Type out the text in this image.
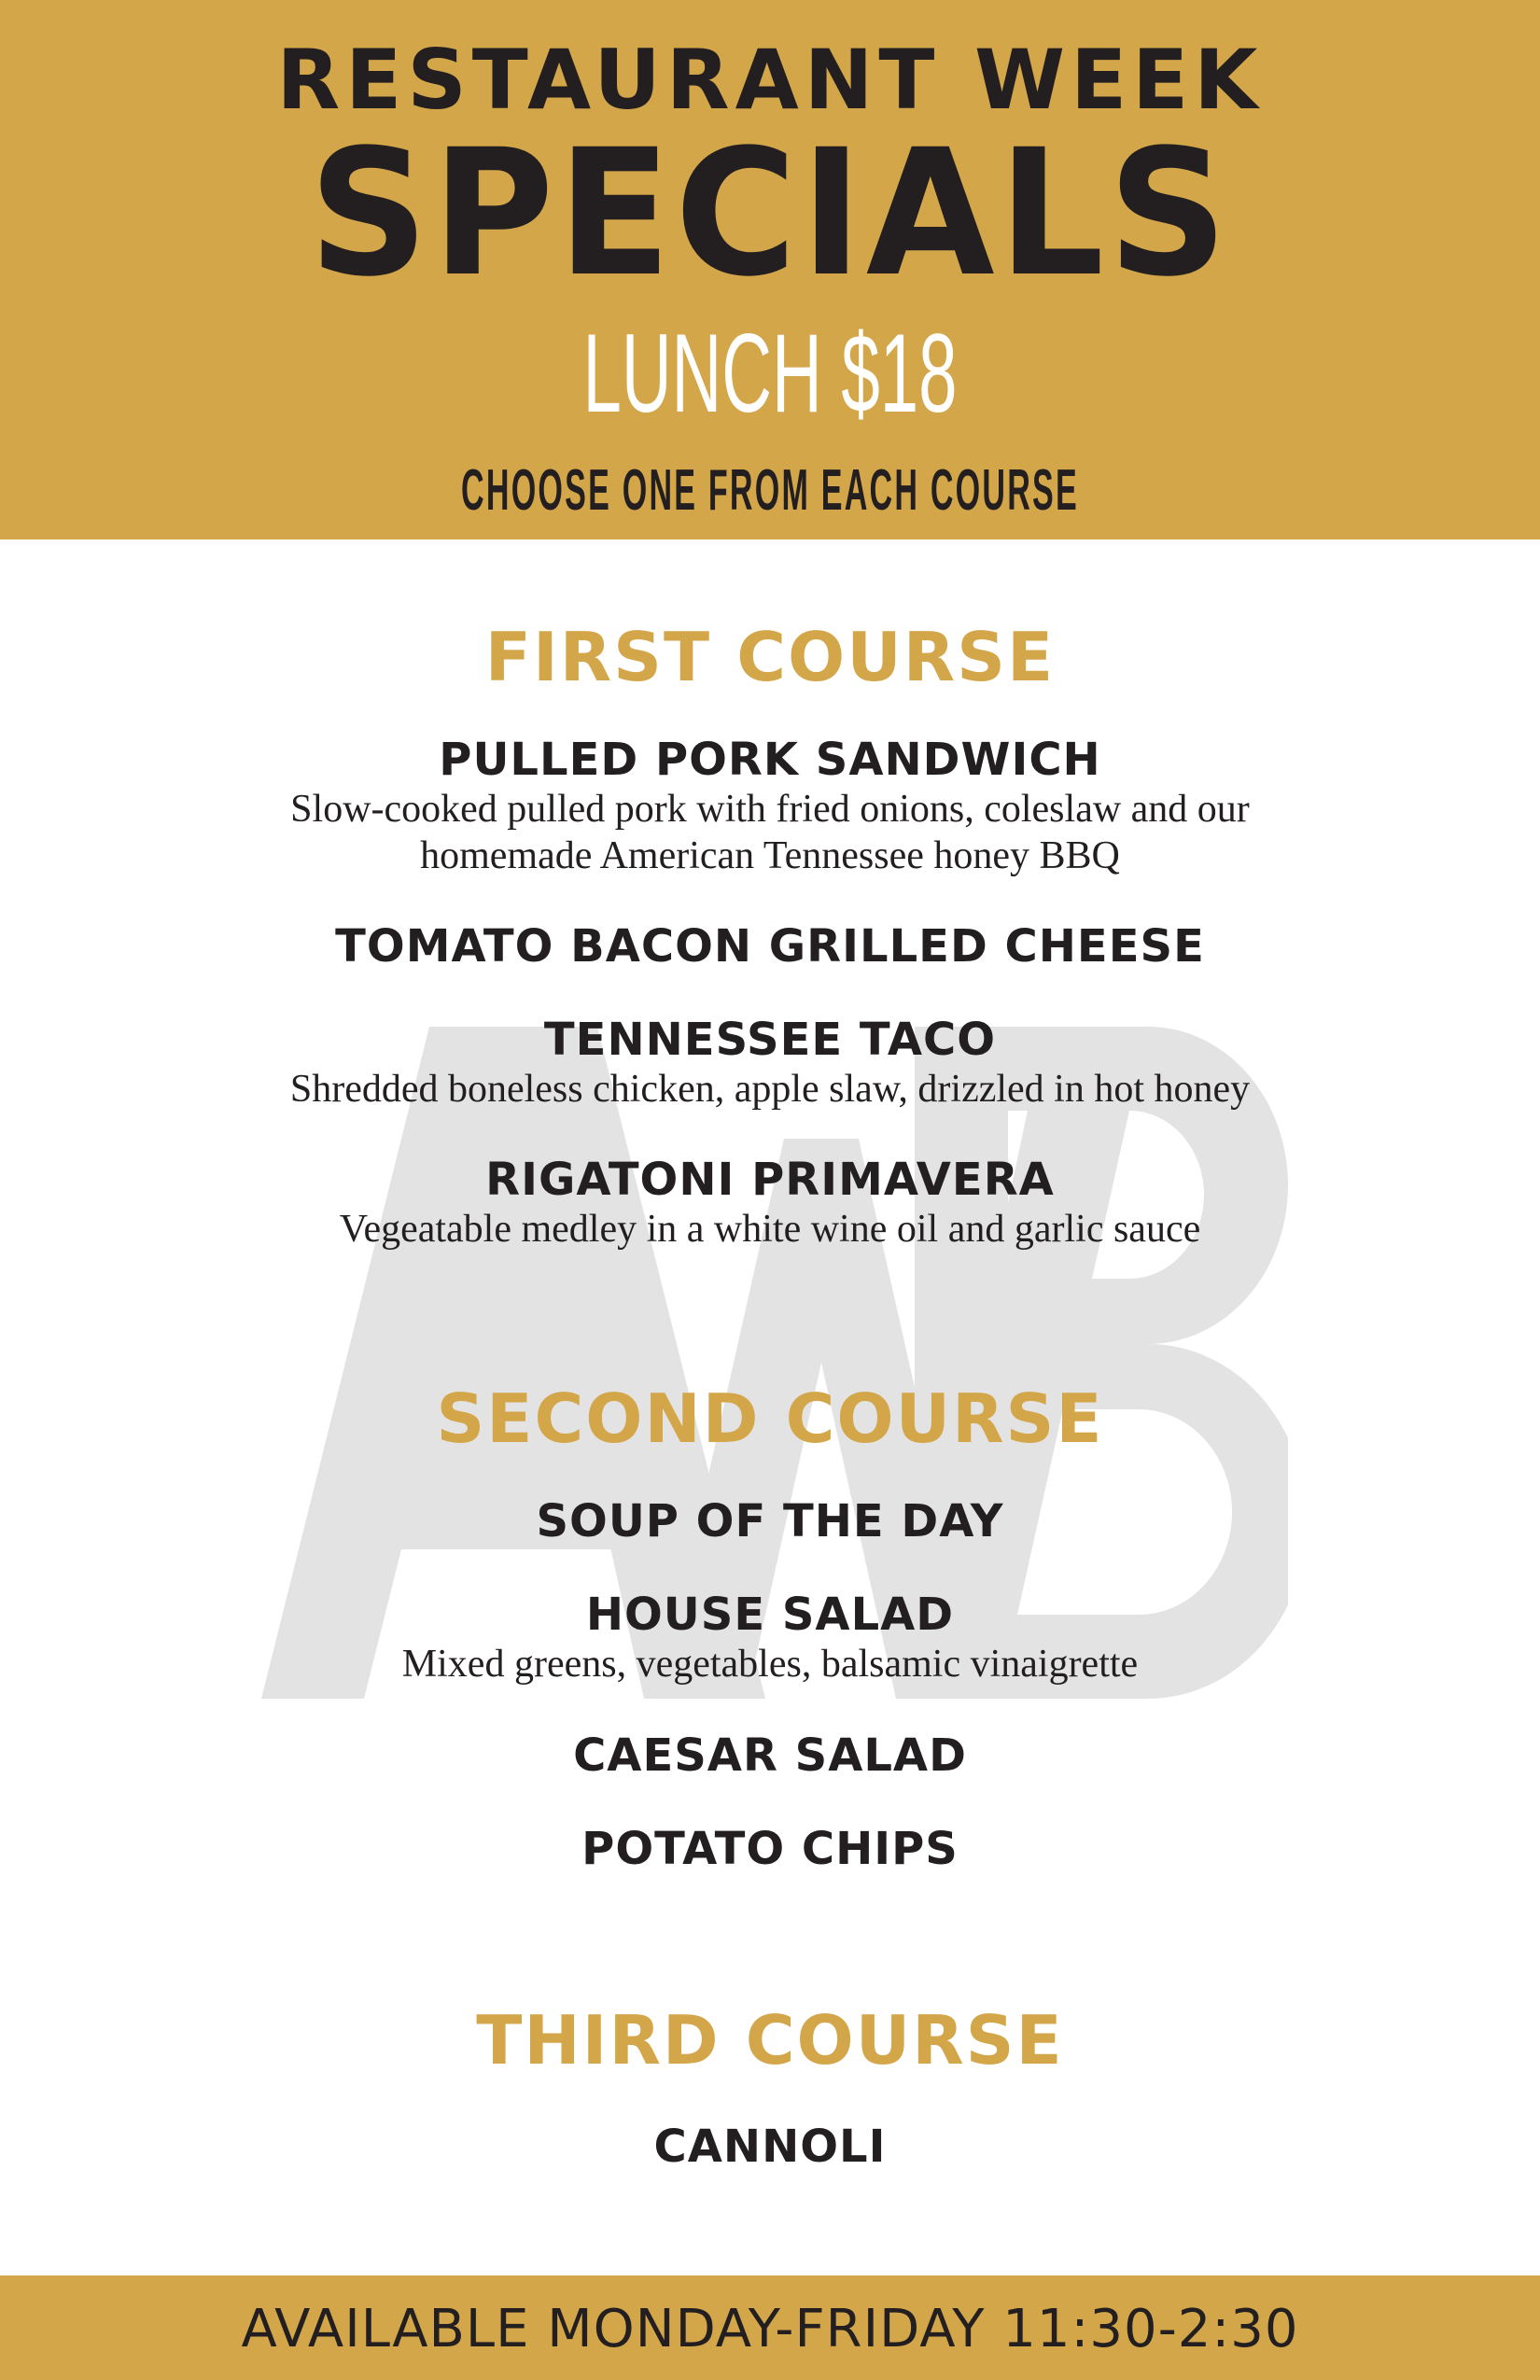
RESTAURANT WEEK
SPECIALS
LUNCH $18
CHOOSE ONE FROM EACH COURSE
FIRST COURSE
PULLED PORK SANDWICH
Slow-cooked pulled pork with fried onions, coleslaw and our homemade American Tennessee honey BBQ
TOMATO BACON GRILLED CHEESE
TENNESSEE TACO
Shredded boneless chicken, apple slaw, drizzled in hot honey
RIGATONI PRIMAVERA
Vegeatable medley in a white wine oil and garlic sauce
SECOND COURSE
SOUP OF THE DAY
HOUSE SALAD
Mixed greens, vegetables, balsamic vinaigrette
CAESAR SALAD
POTATO CHIPS
THIRD COURSE
CANNOLI
AVAILABLE MONDAY-FRIDAY 11:30-2:30
